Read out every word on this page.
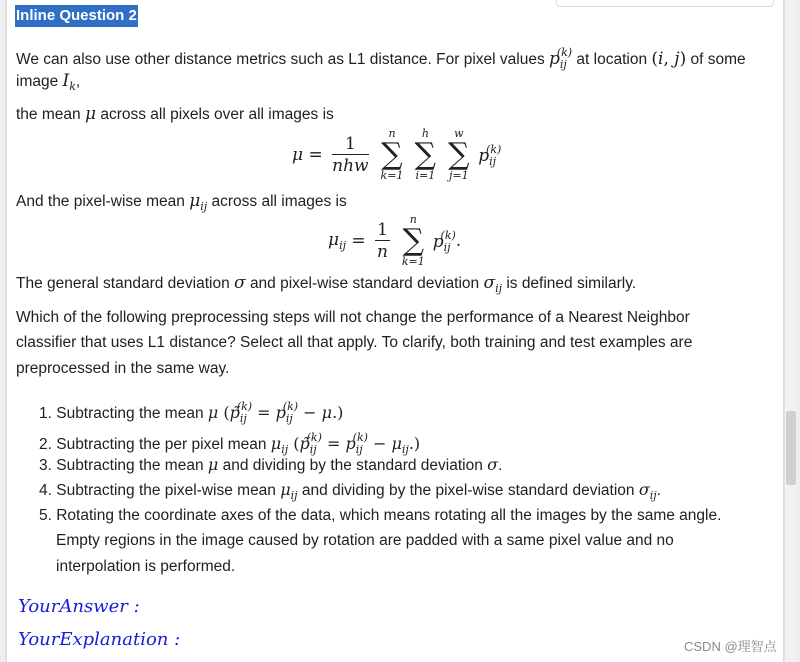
Inline Question 2
We can also use other distance metrics such as L1 distance. For pixel values $p_{ij}^{(k)}$ at location (i, j) of some
image $I_k$,
the mean μ across all pixels over all images is
$\mu = \frac{1}{\text{nhw}}$
	n
∑
k=1

h
∑
i=1

w
∑
j=1
$p_{ij}^{(k)}$
And the pixel-wise mean $\mu_{ij}$ across all images is
$\mu_{ij} = \frac{1}{n}$
	n
∑
k=1
$p_{ij}^{(k)}$.
The general standard deviation σ and pixel-wise standard deviation $\sigma_{ij}$ is defined similarly.
Which of the following preprocessing steps will not change the performance of a Nearest Neighbor
classifier that uses L1 distance? Select all that apply. To clarify, both training and test examples are
preprocessed in the same way.
1. Subtracting the mean μ $(p̃_{ij}^{(k)} = p_{ij}^{(k)} - \mu.)$
2. Subtracting the per pixel mean $\mu_{ij}$ $(p̃_{ij}^{(k)} = p_{ij}^{(k)} - \mu_{ij}.)$
3. Subtracting the mean μ and dividing by the standard deviation σ.
4. Subtracting the pixel-wise mean $\mu_{ij}$ and dividing by the pixel-wise standard deviation $\sigma_{ij}$.
5. Rotating the coordinate axes of the data, which means rotating all the images by the same angle.
Empty regions in the image caused by rotation are padded with a same pixel value and no
interpolation is performed.
YourAnswer :
YourExplanation :	CSDN @理智点
